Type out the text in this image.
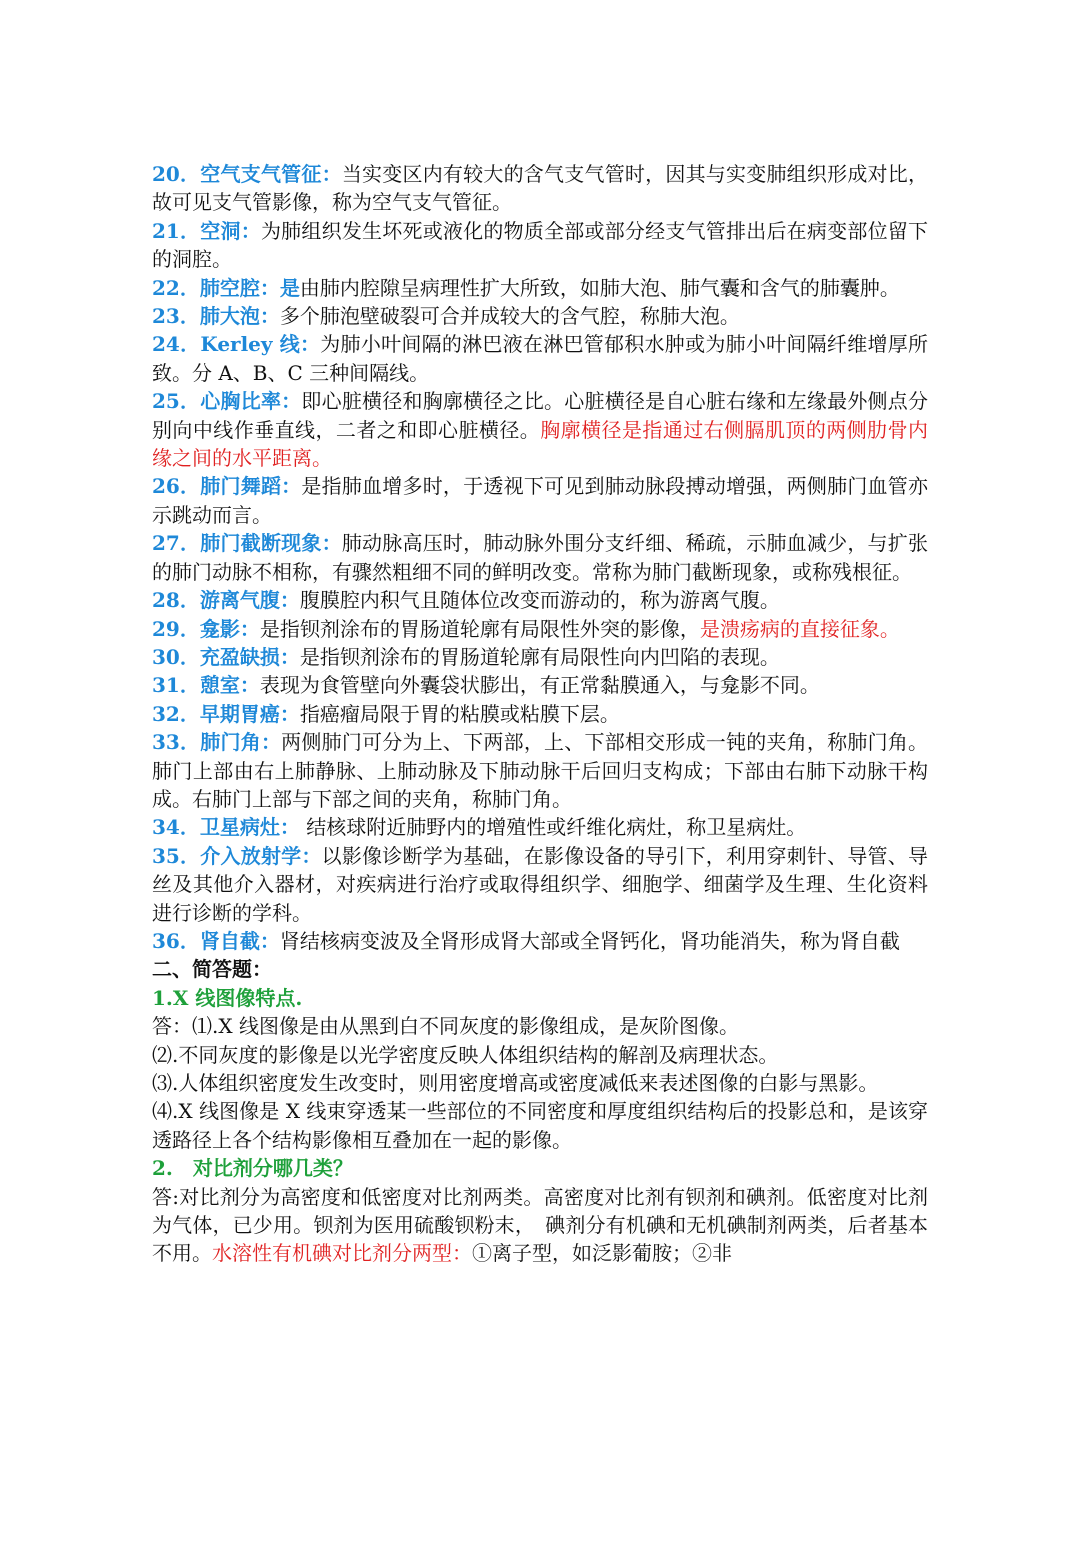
20．空气支气管征：当实变区内有较大的含气支气管时，因其与实变肺组织形成对比，故可见支气管影像，称为空气支气管征。

21．空洞：为肺组织发生坏死或液化的物质全部或部分经支气管排出后在病变部位留下的洞腔。

22．肺空腔：是由肺内腔隙呈病理性扩大所致，如肺大泡、肺气囊和含气的肺囊肿。

23．肺大泡：多个肺泡壁破裂可合并成较大的含气腔，称肺大泡。

24．Kerley 线：为肺小叶间隔的淋巴液在淋巴管郁积水肿或为肺小叶间隔纤维增厚所致。分 A、B、C 三种间隔线。

25．心胸比率：即心脏横径和胸廓横径之比。心脏横径是自心脏右缘和左缘最外侧点分别向中线作垂直线，二者之和即心脏横径。胸廓横径是指通过右侧膈肌顶的两侧肋骨内缘之间的水平距离。

26．肺门舞蹈：是指肺血增多时，于透视下可见到肺动脉段搏动增强，两侧肺门血管亦示跳动而言。

27．肺门截断现象：肺动脉高压时，肺动脉外围分支纤细、稀疏，示肺血减少，与扩张的肺门动脉不相称，有骤然粗细不同的鲜明改变。常称为肺门截断现象，或称残根征。

28．游离气腹：腹膜腔内积气且随体位改变而游动的，称为游离气腹。

29．龛影：是指钡剂涂布的胃肠道轮廓有局限性外突的影像，是溃疡病的直接征象。

30．充盈缺损：是指钡剂涂布的胃肠道轮廓有局限性向内凹陷的表现。

31．憩室：表现为食管壁向外囊袋状膨出，有正常黏膜通入，与龛影不同。

32．早期胃癌：指癌瘤局限于胃的粘膜或粘膜下层。

33．肺门角：两侧肺门可分为上、下两部，上、下部相交形成一钝的夹角，称肺门角。肺门上部由右上肺静脉、上肺动脉及下肺动脉干后回归支构成；下部由右肺下动脉干构成。右肺门上部与下部之间的夹角，称肺门角。

34．卫星病灶： 结核球附近肺野内的增殖性或纤维化病灶，称卫星病灶。

35．介入放射学：以影像诊断学为基础，在影像设备的导引下，利用穿刺针、导管、导丝及其他介入器材，对疾病进行治疗或取得组织学、细胞学、细菌学及生理、生化资料进行诊断的学科。

36．肾自截：肾结核病变波及全肾形成肾大部或全肾钙化，肾功能消失，称为肾自截

二、简答题：

1.X 线图像特点.

答：⑴.X 线图像是由从黑到白不同灰度的影像组成，是灰阶图像。

⑵.不同灰度的影像是以光学密度反映人体组织结构的解剖及病理状态。

⑶.人体组织密度发生改变时，则用密度增高或密度减低来表述图像的白影与黑影。

⑷.X 线图像是 X 线束穿透某一些部位的不同密度和厚度组织结构后的投影总和，是该穿透路径上各个结构影像相互叠加在一起的影像。

2.　对比剂分哪几类？

答:对比剂分为高密度和低密度对比剂两类。高密度对比剂有钡剂和碘剂。低密度对比剂为气体，已少用。钡剂为医用硫酸钡粉末，　碘剂分有机碘和无机碘制剂两类，后者基本不用。水溶性有机碘对比剂分两型：①离子型，如泛影葡胺；②非
